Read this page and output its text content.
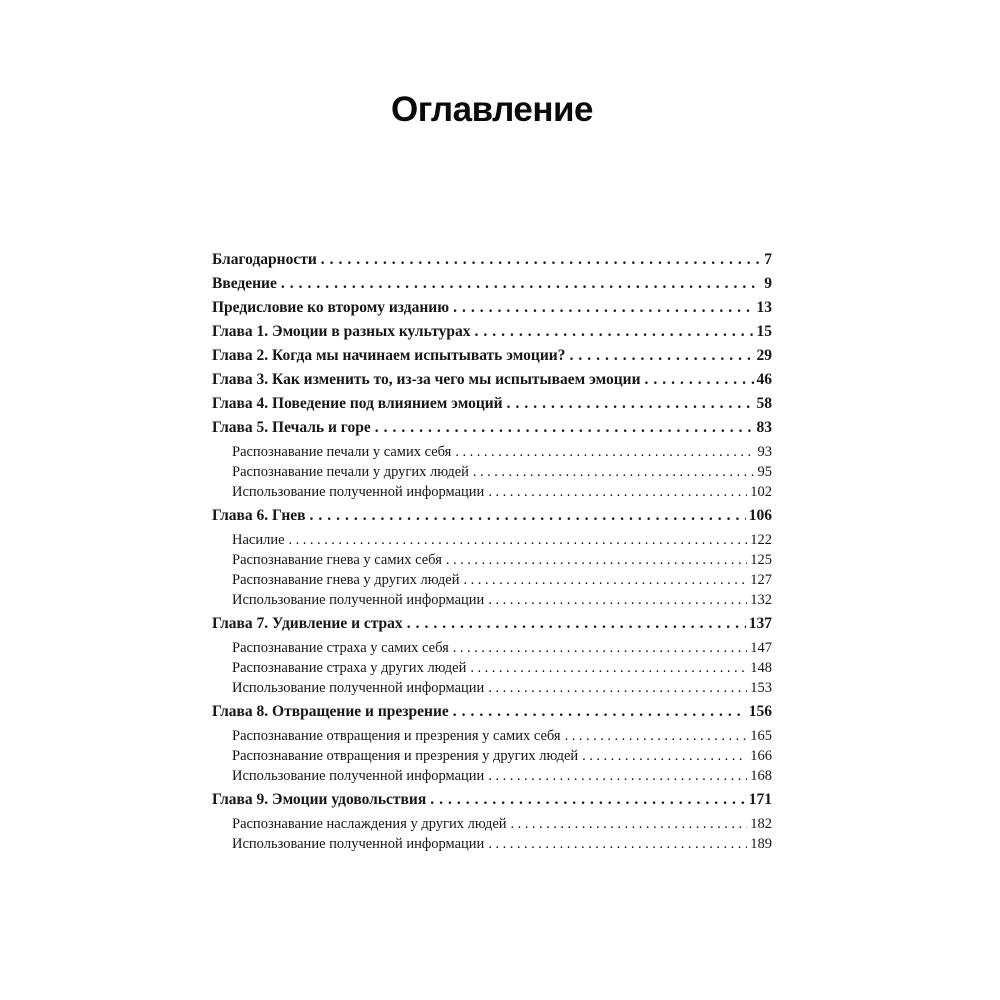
Оглавление
Благодарности .....	7
Введение .....	9
Предисловие ко второму изданию .....	13
Глава 1. Эмоции в разных культурах .....	15
Глава 2. Когда мы начинаем испытывать эмоции? .....	29
Глава 3. Как изменить то, из-за чего мы испытываем эмоции .....	46
Глава 4. Поведение под влиянием эмоций .....	58
Глава 5. Печаль и горе .....	83
Распознавание печали у самих себя .....	93
Распознавание печали у других людей .....	95
Использование полученной информации .....	102
Глава 6. Гнев .....	106
Насилие .....	122
Распознавание гнева у самих себя .....	125
Распознавание гнева у других людей .....	127
Использование полученной информации .....	132
Глава 7. Удивление и страх .....	137
Распознавание страха у самих себя .....	147
Распознавание страха у других людей .....	148
Использование полученной информации .....	153
Глава 8. Отвращение и презрение .....	156
Распознавание отвращения и презрения у самих себя .....	165
Распознавание отвращения и презрения у других людей .....	166
Использование полученной информации .....	168
Глава 9. Эмоции удовольствия .....	171
Распознавание наслаждения у других людей .....	182
Использование полученной информации .....	189
